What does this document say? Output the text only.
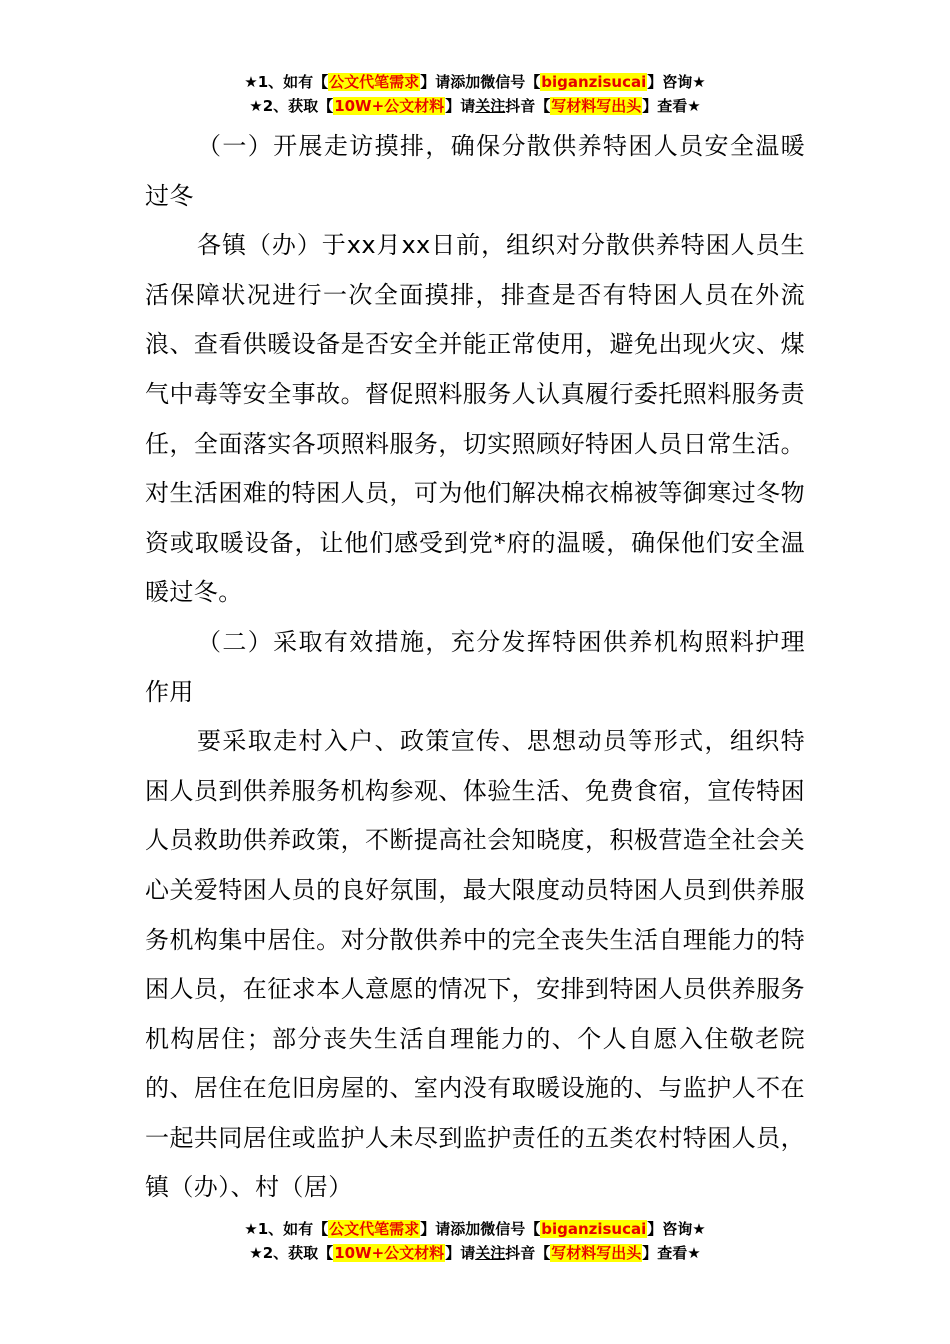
★1、如有【公文代笔需求】请添加微信号【biganzisucai】咨询★
★2、获取【10W+公文材料】请关注抖音【写材料写出头】查看★

（一）开展走访摸排，确保分散供养特困人员安全温暖过冬

各镇（办）于xx月xx日前，组织对分散供养特困人员生活保障状况进行一次全面摸排，排查是否有特困人员在外流浪、查看供暖设备是否安全并能正常使用，避免出现火灾、煤气中毒等安全事故。督促照料服务人认真履行委托照料服务责任，全面落实各项照料服务，切实照顾好特困人员日常生活。对生活困难的特困人员，可为他们解决棉衣棉被等御寒过冬物资或取暖设备，让他们感受到党*府的温暖，确保他们安全温暖过冬。

（二）采取有效措施，充分发挥特困供养机构照料护理作用

要采取走村入户、政策宣传、思想动员等形式，组织特困人员到供养服务机构参观、体验生活、免费食宿，宣传特困人员救助供养政策，不断提高社会知晓度，积极营造全社会关心关爱特困人员的良好氛围，最大限度动员特困人员到供养服务机构集中居住。对分散供养中的完全丧失生活自理能力的特困人员，在征求本人意愿的情况下，安排到特困人员供养服务机构居住；部分丧失生活自理能力的、个人自愿入住敬老院的、居住在危旧房屋的、室内没有取暖设施的、与监护人不在一起共同居住或监护人未尽到监护责任的五类农村特困人员，镇（办）、村（居）

★1、如有【公文代笔需求】请添加微信号【biganzisucai】咨询★
★2、获取【10W+公文材料】请关注抖音【写材料写出头】查看★
